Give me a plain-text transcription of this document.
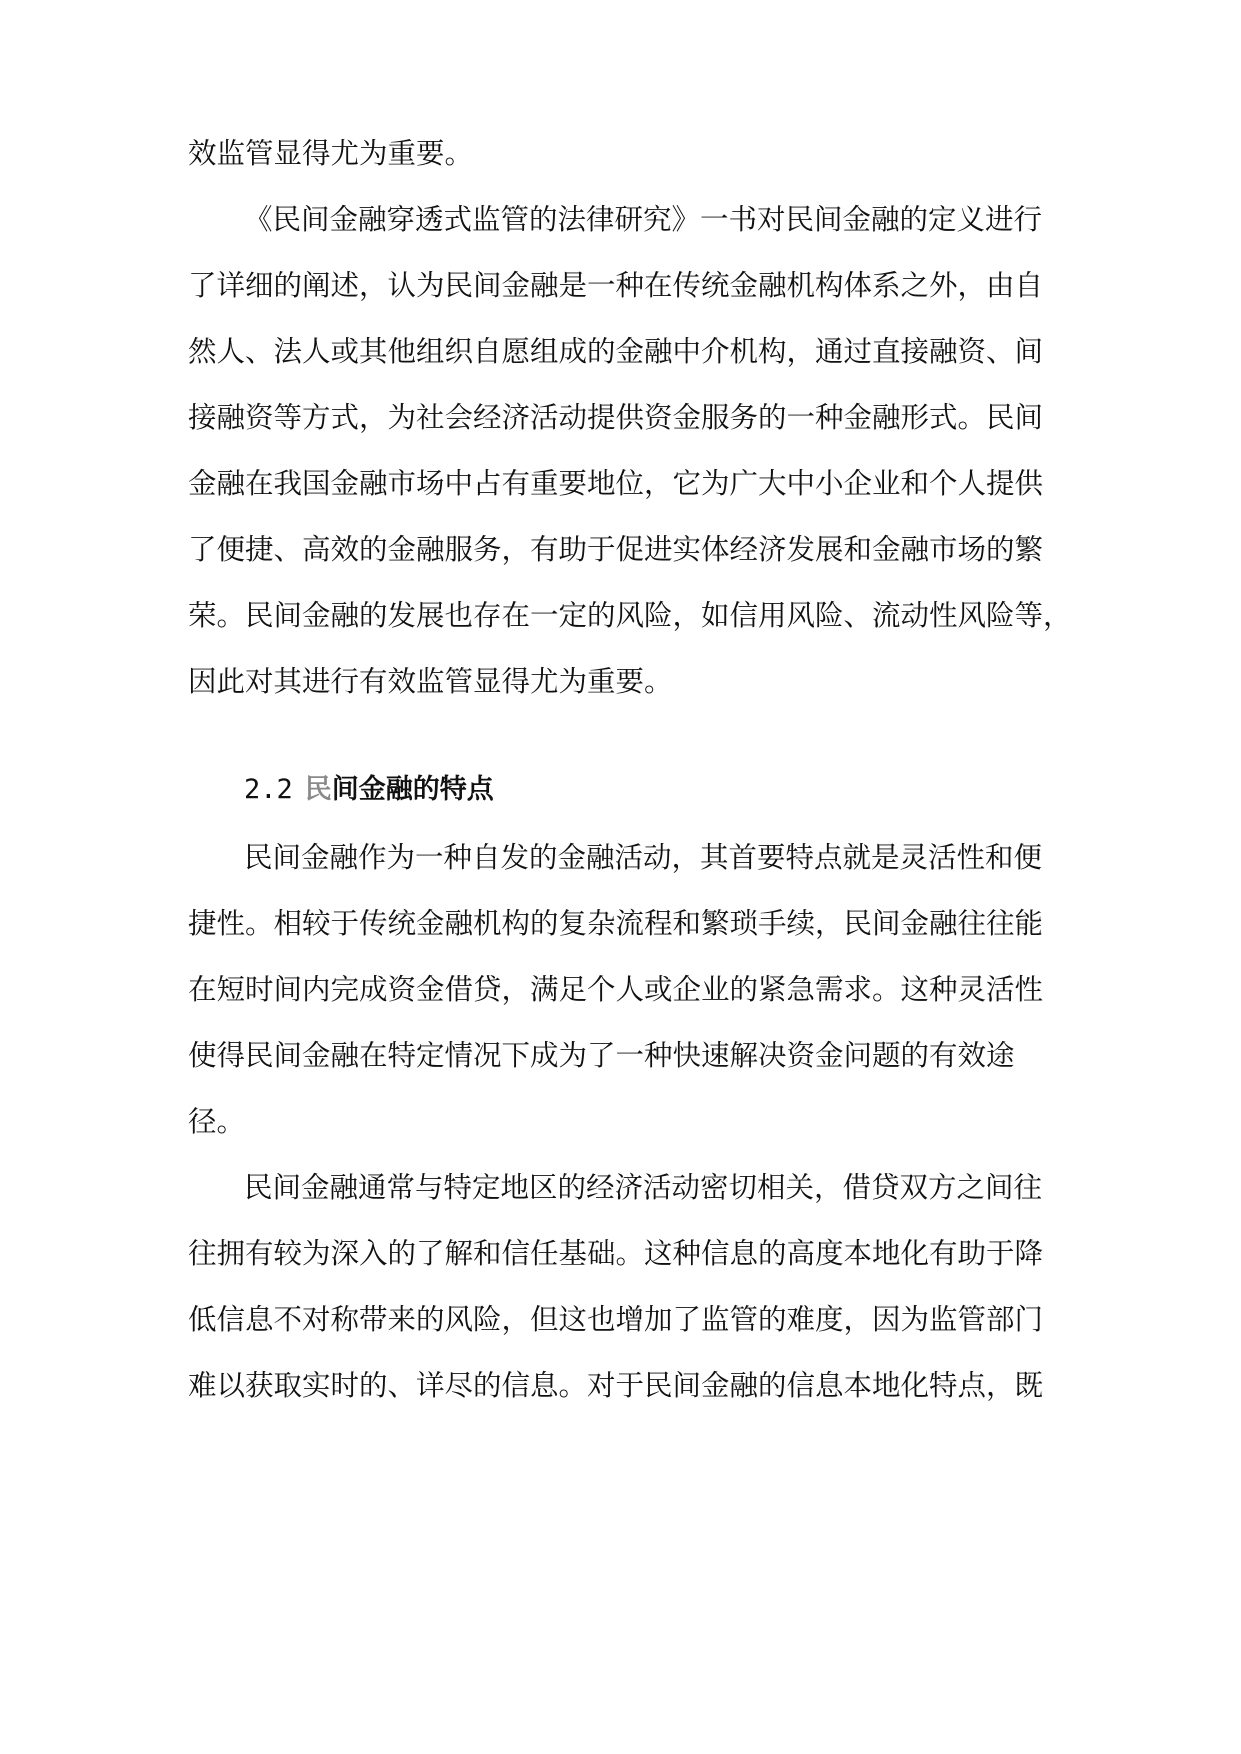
效监管显得尤为重要。
《民间金融穿透式监管的法律研究》一书对民间金融的定义进行
了详细的阐述，认为民间金融是一种在传统金融机构体系之外，由自
然人、法人或其他组织自愿组成的金融中介机构，通过直接融资、间
接融资等方式，为社会经济活动提供资金服务的一种金融形式。民间
金融在我国金融市场中占有重要地位，它为广大中小企业和个人提供
了便捷、高效的金融服务，有助于促进实体经济发展和金融市场的繁
荣。民间金融的发展也存在一定的风险，如信用风险、流动性风险等，
因此对其进行有效监管显得尤为重要。
2.2 民间金融的特点
民间金融作为一种自发的金融活动，其首要特点就是灵活性和便
捷性。相较于传统金融机构的复杂流程和繁琐手续，民间金融往往能
在短时间内完成资金借贷，满足个人或企业的紧急需求。这种灵活性
使得民间金融在特定情况下成为了一种快速解决资金问题的有效途
径。
民间金融通常与特定地区的经济活动密切相关，借贷双方之间往
往拥有较为深入的了解和信任基础。这种信息的高度本地化有助于降
低信息不对称带来的风险，但这也增加了监管的难度，因为监管部门
难以获取实时的、详尽的信息。对于民间金融的信息本地化特点，既
